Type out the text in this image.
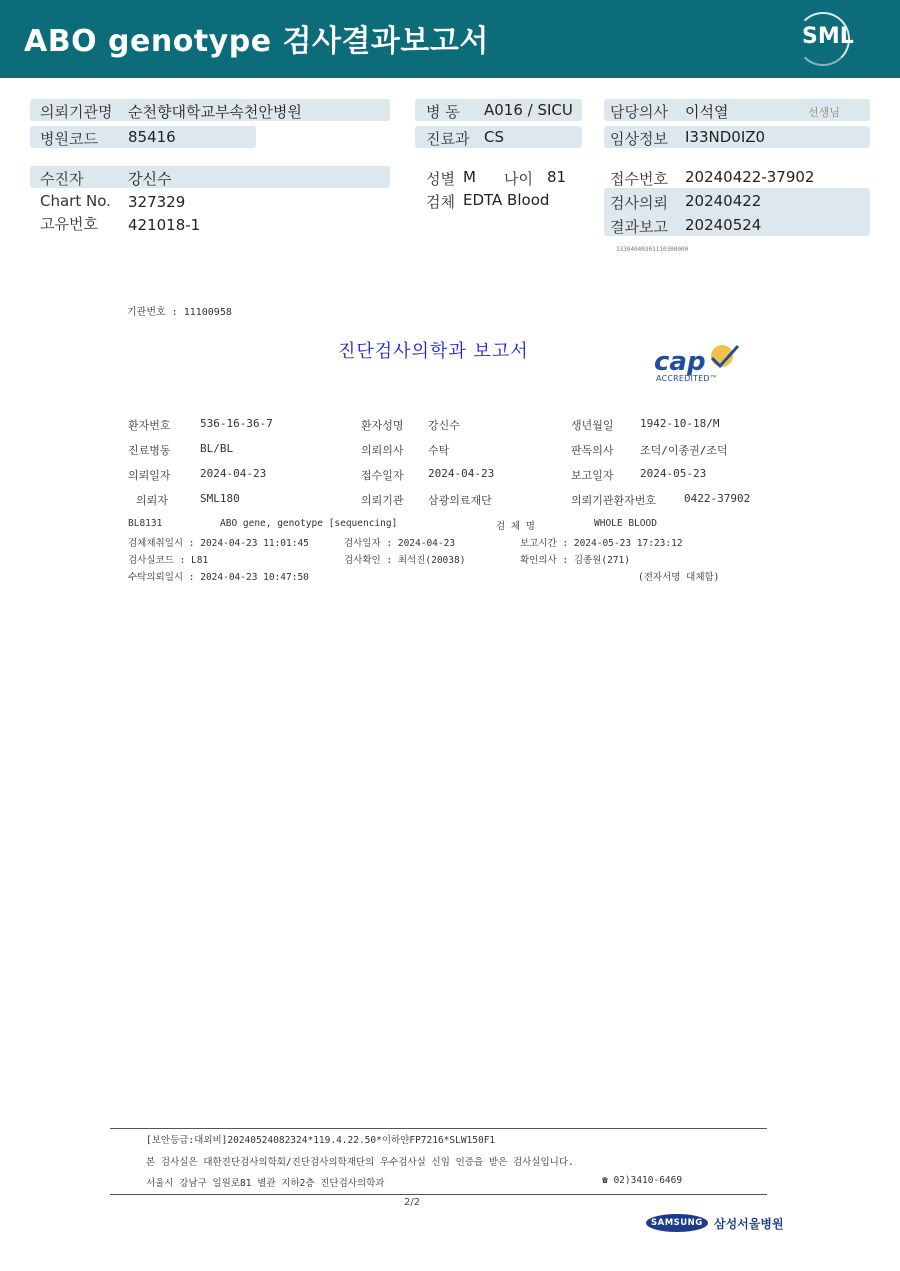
ABO genotype 검사결과보고서	SML
의뢰기관명 순천향대학교부속천안병원	병 동 A016 / SICU 담당의사 이석열	선생님
병원코드 85416	진료과 CS	임상정보 I33ND0IZ0
수진자	강신수	성별 M 나이 81	접수번호 20240422-37902
Chart No. 327329	검체 EDTA Blood	검사의뢰 20240422
고유번호 421018-1	결과보고 20240524
13304040301110300000
기관번호 : 11100958
진단검사의학과 보고서	cap
ACCREDITED™
환자번호	536-16-36-7	환자성명 강신수	생년월일 1942-10-18/M
진료병동	BL/BL	의뢰의사 수탁	판독의사 조덕/이종권/조덕
의뢰일자	2024-04-23	접수일자 2024-04-23	보고일자 2024-05-23
의뢰자	SML180	의뢰기관 삼광의료재단	의뢰기관환자번호	0422-37902
BL8131	ABO gene, genotype [sequencing]	검 체 명	WHOLE BLOOD
검체채취일시 : 2024-04-23 11:01:45	검사일자 : 2024-04-23	보고시간 : 2024-05-23 17:23:12
검사실코드 : L81	검사확인 : 최석진(20038)	확인의사 : 김종원(271)
수탁의뢰일시 : 2024-04-23 10:47:50	(전자서명 대체함)
[보안등급:대외비]20240524082324*119.4.22.50*이하얀FP7216*SLW150F1
본 검사실은 대한진단검사의학회/진단검사의학재단의 우수검사실 신임 인증을 받은 검사실입니다.
서울시 강남구 일원로81 별관 지하2층 진단검사의학과	☎ 02)3410-6469
2/2
SAMSUNG 삼성서울병원
